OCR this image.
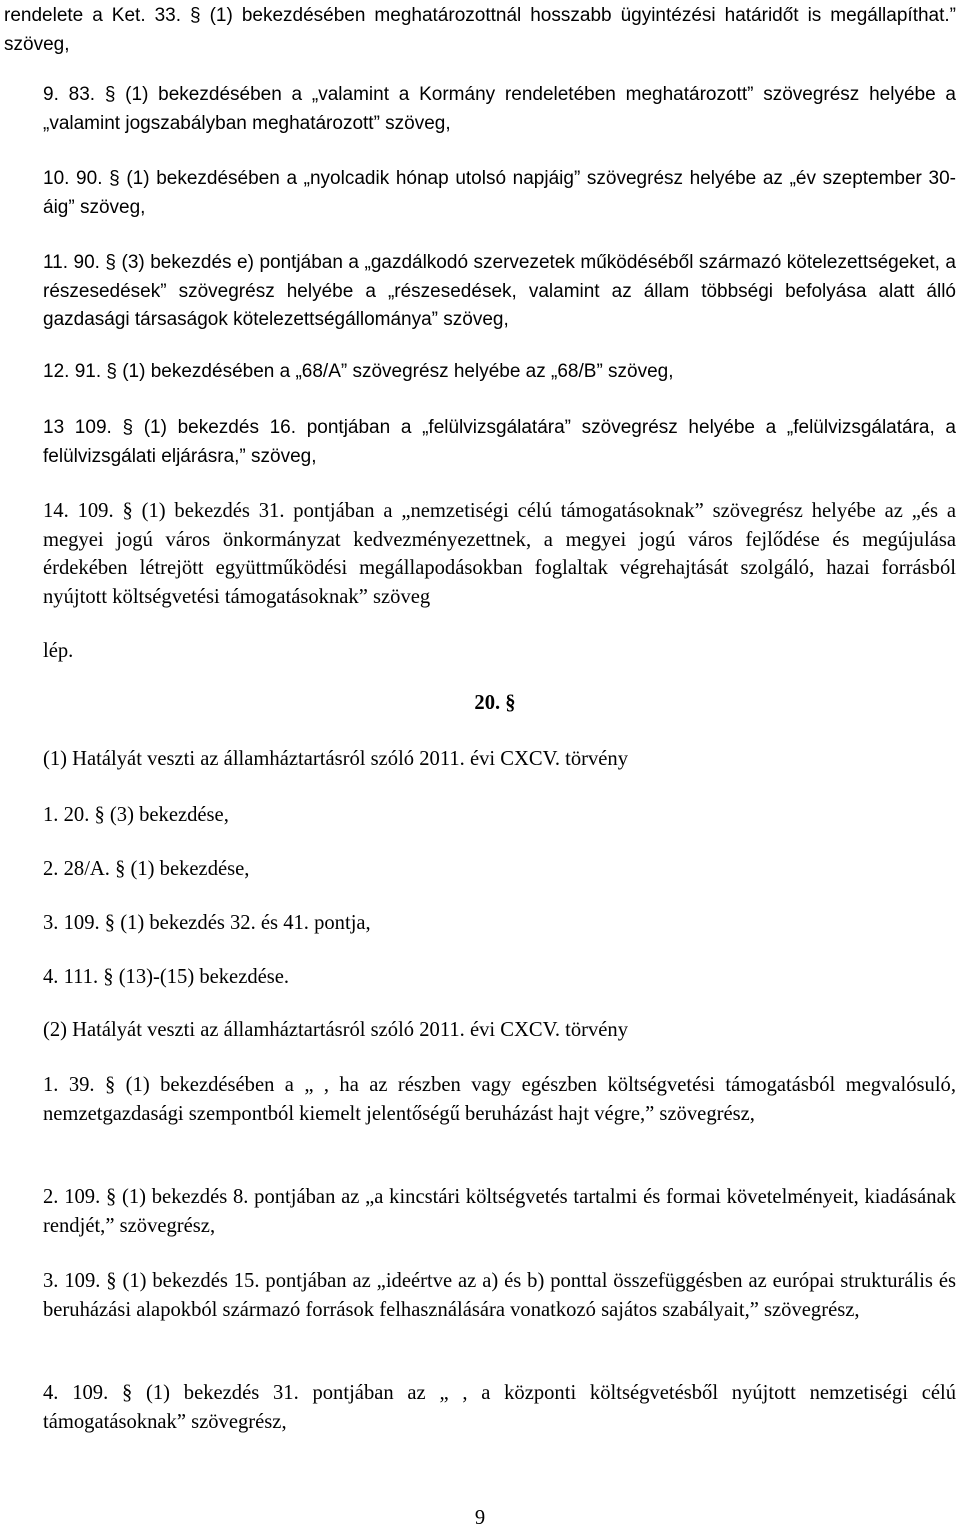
rendelete a Ket. 33. § (1) bekezdésében meghatározottnál hosszabb ügyintézési határidőt is megállapíthat.” szöveg,

9. 83. § (1) bekezdésében a „valamint a Kormány rendeletében meghatározott” szövegrész helyébe a „valamint jogszabályban meghatározott” szöveg,

10. 90. § (1) bekezdésében a „nyolcadik hónap utolsó napjáig” szövegrész helyébe az „év szeptember 30-áig” szöveg,

11. 90. § (3) bekezdés e) pontjában a „gazdálkodó szervezetek működéséből származó kötelezettségeket, a részesedések” szövegrész helyébe a „részesedések, valamint az állam többségi befolyása alatt álló gazdasági társaságok kötelezettségállománya” szöveg,

12. 91. § (1) bekezdésében a „68/A” szövegrész helyébe az „68/B” szöveg,

13 109. § (1) bekezdés 16. pontjában a „felülvizsgálatára” szövegrész helyébe a „felülvizsgálatára, a felülvizsgálati eljárásra,” szöveg,

14. 109. § (1) bekezdés 31. pontjában a „nemzetiségi célú támogatásoknak” szövegrész helyébe az „és a megyei jogú város önkormányzat kedvezményezettnek, a megyei jogú város fejlődése és megújulása érdekében létrejött együttműködési megállapodásokban foglaltak végrehajtását szolgáló, hazai forrásból nyújtott költségvetési támogatásoknak” szöveg

lép.

20. §

(1) Hatályát veszti az államháztartásról szóló 2011. évi CXCV. törvény

1. 20. § (3) bekezdése,

2. 28/A. § (1) bekezdése,

3. 109. § (1) bekezdés 32. és 41. pontja,

4. 111. § (13)-(15) bekezdése.

(2) Hatályát veszti az államháztartásról szóló 2011. évi CXCV. törvény

1. 39. § (1) bekezdésében a „ , ha az részben vagy egészben költségvetési támogatásból megvalósuló, nemzetgazdasági szempontból kiemelt jelentőségű beruházást hajt végre,” szövegrész,

2. 109. § (1) bekezdés 8. pontjában az „a kincstári költségvetés tartalmi és formai követelményeit, kiadásának rendjét,” szövegrész,

3. 109. § (1) bekezdés 15. pontjában az „ideértve az a) és b) ponttal összefüggésben az európai strukturális és beruházási alapokból származó források felhasználására vonatkozó sajátos szabályait,” szövegrész,

4. 109. § (1) bekezdés 31. pontjában az „ , a központi költségvetésből nyújtott nemzetiségi célú támogatásoknak” szövegrész,

9
